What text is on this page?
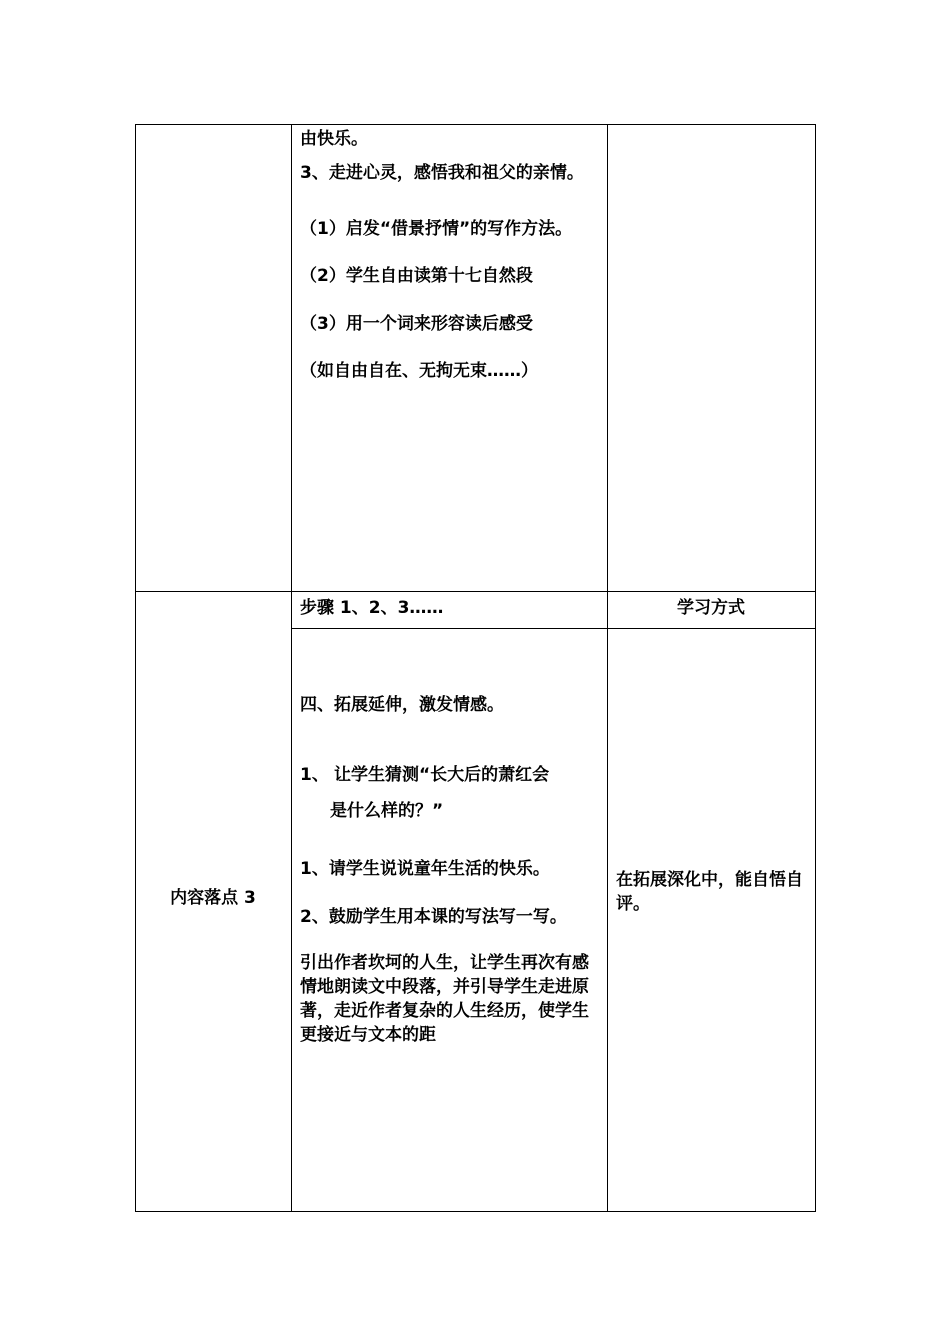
由快乐。
3、走进心灵，感悟我和祖父的亲情。
（1）启发“借景抒情”的写作方法。
（2）学生自由读第十七自然段
（3）用一个词来形容读后感受
（如自由自在、无拘无束……）
步骤 1、2、3……	学习方式
内容落点 3
四、拓展延伸，激发情感。
1、 让学生猜测“长大后的萧红会
是什么样的？”
1、请学生说说童年生活的快乐。
2、鼓励学生用本课的写法写一写。
引出作者坎坷的人生，让学生再次有感情地朗读文中段落，并引导学生走进原著，走近作者复杂的人生经历，使学生更接近与文本的距
在拓展深化中，能自悟自评。
